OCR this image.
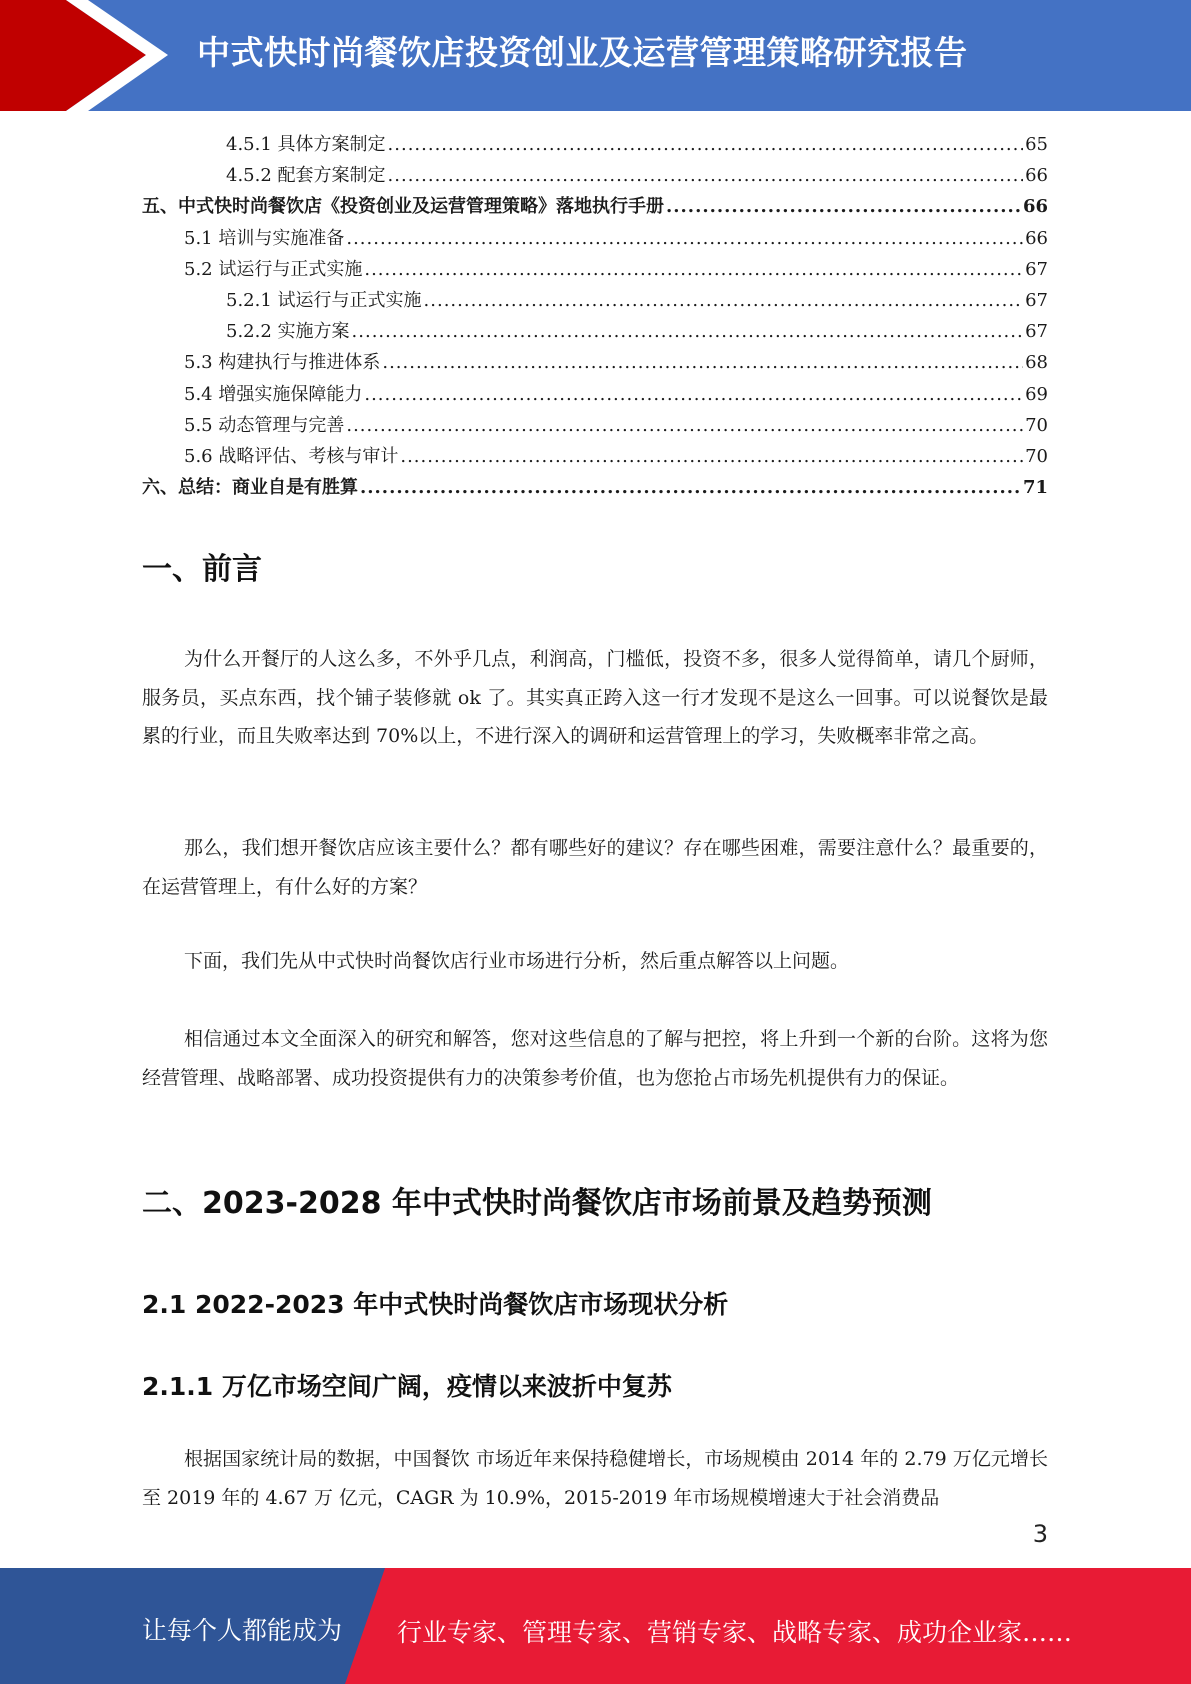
中式快时尚餐饮店投资创业及运营管理策略研究报告
4.5.1 具体方案制定 .....	65
4.5.2 配套方案制定 .....	66
五、中式快时尚餐饮店《投资创业及运营管理策略》落地执行手册 .....	66
5.1 培训与实施准备 .....	66
5.2 试运行与正式实施 .....	67
5.2.1 试运行与正式实施 .....	67
5.2.2 实施方案 .....	67
5.3 构建执行与推进体系 .....	68
5.4 增强实施保障能力 .....	69
5.5 动态管理与完善 .....	70
5.6 战略评估、考核与审计 .....	70
六、总结：商业自是有胜算 .....	71
一、前言

为什么开餐厅的人这么多，不外乎几点，利润高，门槛低，投资不多，很多人觉得简单，请几个厨师，服务员，买点东西，找个铺子装修就 ok 了。其实真正跨入这一行才发现不是这么一回事。可以说餐饮是最累的行业，而且失败率达到 70%以上，不进行深入的调研和运营管理上的学习，失败概率非常之高。

那么，我们想开餐饮店应该主要什么？都有哪些好的建议？存在哪些困难，需要注意什么？最重要的，在运营管理上，有什么好的方案？

下面，我们先从中式快时尚餐饮店行业市场进行分析，然后重点解答以上问题。

相信通过本文全面深入的研究和解答，您对这些信息的了解与把控，将上升到一个新的台阶。这将为您经营管理、战略部署、成功投资提供有力的决策参考价值，也为您抢占市场先机提供有力的保证。

二、2023-2028 年中式快时尚餐饮店市场前景及趋势预测
2.1 2022-2023 年中式快时尚餐饮店市场现状分析
2.1.1 万亿市场空间广阔，疫情以来波折中复苏

根据国家统计局的数据，中国餐饮 市场近年来保持稳健增长，市场规模由 2014 年的 2.79 万亿元增长至 2019 年的 4.67 万 亿元，CAGR 为 10.9%，2015-2019 年市场规模增速大于社会消费品

3
让每个人都能成为 行业专家、管理专家、营销专家、战略专家、成功企业家……
